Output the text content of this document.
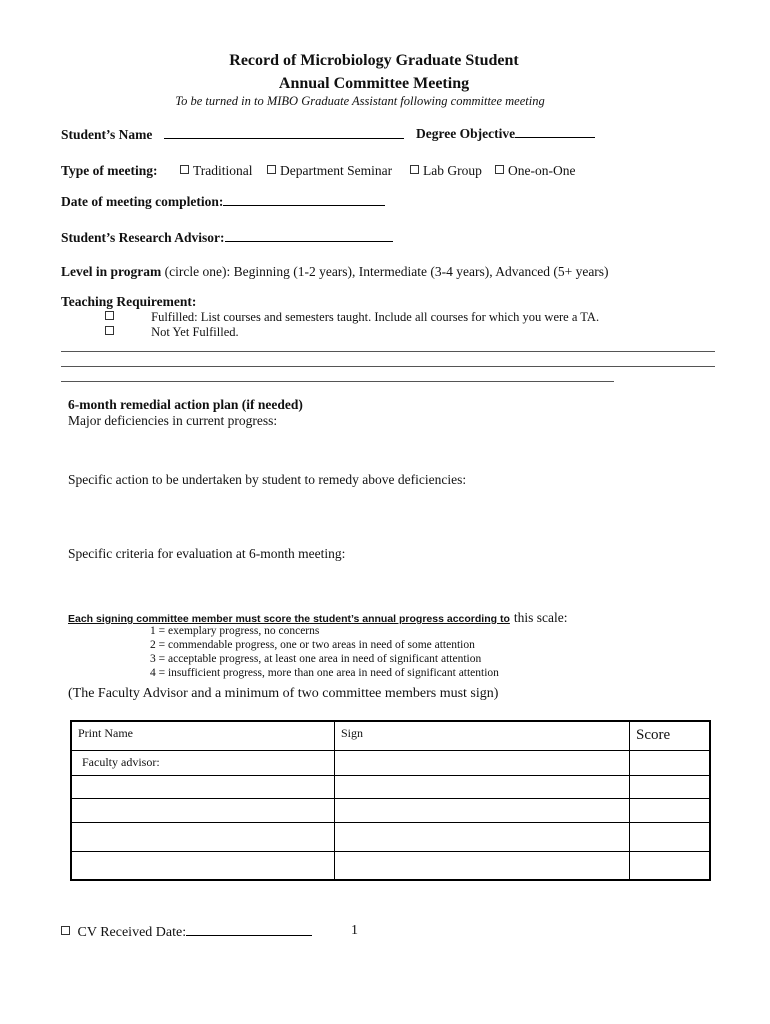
Record of Microbiology Graduate Student
Annual Committee Meeting
To be turned in to MIBO Graduate Assistant following committee meeting
Student’s Name	Degree Objective
Type of meeting:	Traditional	Department Seminar	Lab Group	One-on-One
Date of meeting completion:
Student’s Research Advisor:
Level in program (circle one): Beginning (1-2 years), Intermediate (3-4 years), Advanced (5+ years)
Teaching Requirement:
Fulfilled: List courses and semesters taught. Include all courses for which you were a TA.
Not Yet Fulfilled.
6-month remedial action plan (if needed)
Major deficiencies in current progress:
Specific action to be undertaken by student to remedy above deficiencies:
Specific criteria for evaluation at 6-month meeting:
Each signing committee member must score the student’s annual progress according to this scale:
1 = exemplary progress, no concerns
2 = commendable progress, one or two areas in need of some attention
3 = acceptable progress, at least one area in need of significant attention
4 = insufficient progress, more than one area in need of significant attention
(The Faculty Advisor and a minimum of two committee members must sign)
Print Name	Sign	Score
Faculty advisor:		

CV Received Date:	1
